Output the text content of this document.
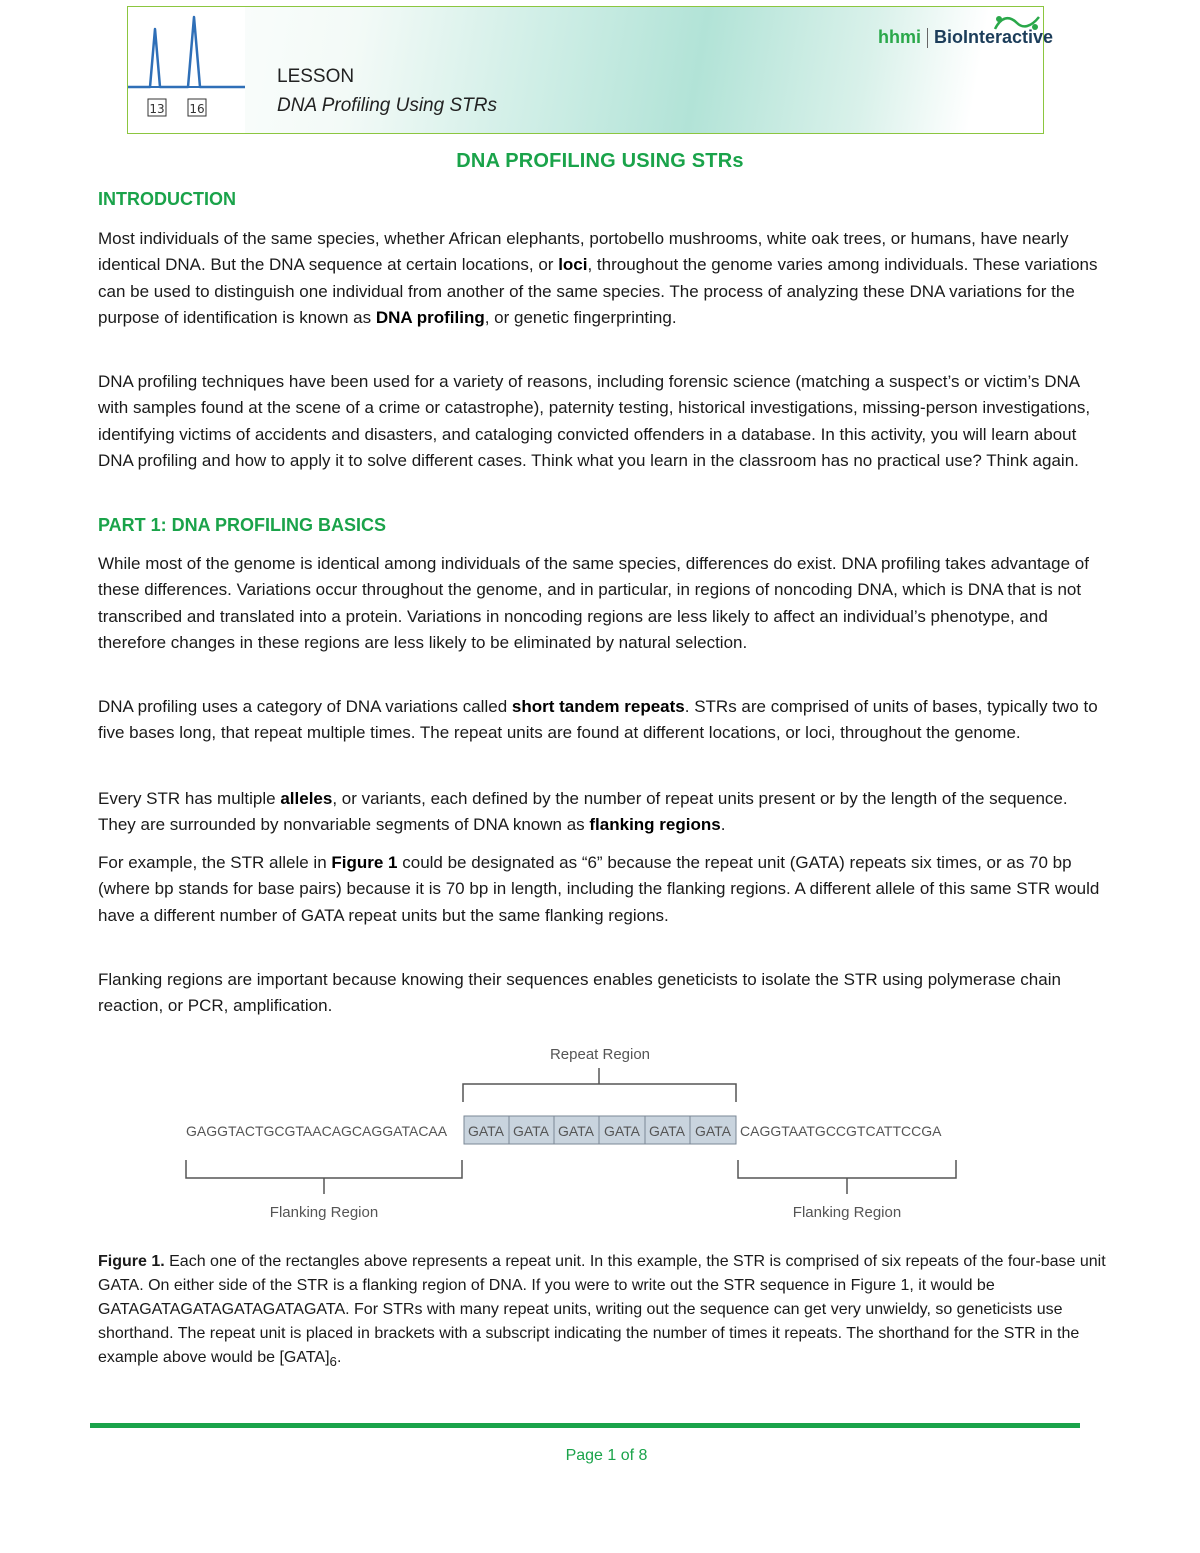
13 16
LESSON
DNA Profiling Using STRs
hhmi BioInteractive
DNA PROFILING USING STRs
INTRODUCTION
Most individuals of the same species, whether African elephants, portobello mushrooms, white oak trees, or humans, have nearly identical DNA. But the DNA sequence at certain locations, or loci, throughout the genome varies among individuals. These variations can be used to distinguish one individual from another of the same species. The process of analyzing these DNA variations for the purpose of identification is known as DNA profiling, or genetic fingerprinting.
DNA profiling techniques have been used for a variety of reasons, including forensic science (matching a suspect’s or victim’s DNA with samples found at the scene of a crime or catastrophe), paternity testing, historical investigations, missing-person investigations, identifying victims of accidents and disasters, and cataloging convicted offenders in a database. In this activity, you will learn about DNA profiling and how to apply it to solve different cases. Think what you learn in the classroom has no practical use? Think again.
PART 1: DNA PROFILING BASICS
While most of the genome is identical among individuals of the same species, differences do exist. DNA profiling takes advantage of these differences. Variations occur throughout the genome, and in particular, in regions of noncoding DNA, which is DNA that is not transcribed and translated into a protein. Variations in noncoding regions are less likely to affect an individual’s phenotype, and therefore changes in these regions are less likely to be eliminated by natural selection.
DNA profiling uses a category of DNA variations called short tandem repeats. STRs are comprised of units of bases, typically two to five bases long, that repeat multiple times. The repeat units are found at different locations, or loci, throughout the genome.
Every STR has multiple alleles, or variants, each defined by the number of repeat units present or by the length of the sequence. They are surrounded by nonvariable segments of DNA known as flanking regions.
For example, the STR allele in Figure 1 could be designated as “6” because the repeat unit (GATA) repeats six times, or as 70 bp (where bp stands for base pairs) because it is 70 bp in length, including the flanking regions. A different allele of this same STR would have a different number of GATA repeat units but the same flanking regions.
Flanking regions are important because knowing their sequences enables geneticists to isolate the STR using polymerase chain reaction, or PCR, amplification.
Repeat Region
GAGGTACTGCGTAACAGCAGGATACAA GATA GATA GATA GATA GATA GATA CAGGTAATGCCGTCATTCCGA
Flanking Region	Flanking Region
Figure 1. Each one of the rectangles above represents a repeat unit. In this example, the STR is comprised of six repeats of the four-base unit GATA. On either side of the STR is a flanking region of DNA. If you were to write out the STR sequence in Figure 1, it would be GATAGATAGATAGATAGATAGATA. For STRs with many repeat units, writing out the sequence can get very unwieldy, so geneticists use shorthand. The repeat unit is placed in brackets with a subscript indicating the number of times it repeats. The shorthand for the STR in the example above would be $[GATA]_6$.
Page 1 of 8
